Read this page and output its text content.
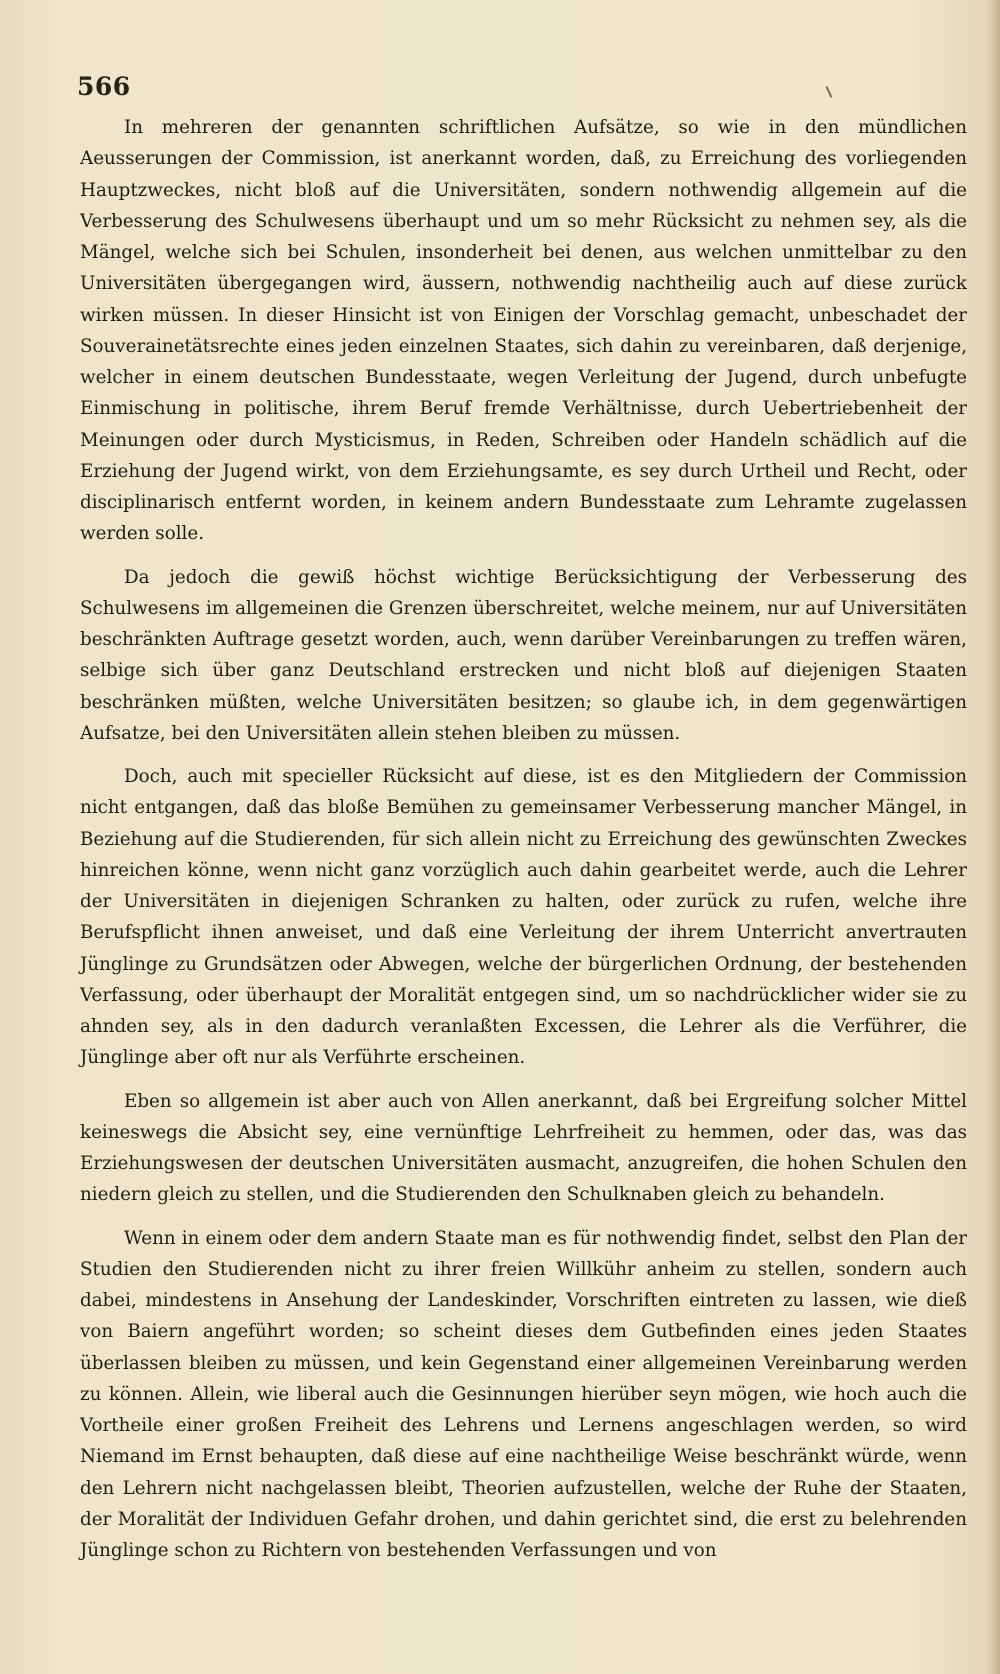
566

In mehreren der genannten schriftlichen Aufsätze, so wie in den mündlichen Aeusserungen der Commission, ist anerkannt worden, daß, zu Erreichung des vorliegenden Hauptzweckes, nicht bloß auf die Universitäten, sondern nothwendig allgemein auf die Verbesserung des Schulwesens überhaupt und um so mehr Rücksicht zu nehmen sey, als die Mängel, welche sich bei Schulen, insonderheit bei denen, aus welchen unmittelbar zu den Universitäten übergegangen wird, äussern, nothwendig nachtheilig auch auf diese zurück wirken müssen. In dieser Hinsicht ist von Einigen der Vorschlag gemacht, unbeschadet der Souverainetätsrechte eines jeden einzelnen Staates, sich dahin zu vereinbaren, daß derjenige, welcher in einem deutschen Bundesstaate, wegen Verleitung der Jugend, durch unbefugte Einmischung in politische, ihrem Beruf fremde Verhältnisse, durch Uebertriebenheit der Meinungen oder durch Mysticismus, in Reden, Schreiben oder Handeln schädlich auf die Erziehung der Jugend wirkt, von dem Erziehungsamte, es sey durch Urtheil und Recht, oder disciplinarisch entfernt worden, in keinem andern Bundesstaate zum Lehramte zugelassen werden solle.

Da jedoch die gewiß höchst wichtige Berücksichtigung der Verbesserung des Schulwesens im allgemeinen die Grenzen überschreitet, welche meinem, nur auf Universitäten beschränkten Auftrage gesetzt worden, auch, wenn darüber Vereinbarungen zu treffen wären, selbige sich über ganz Deutschland erstrecken und nicht bloß auf diejenigen Staaten beschränken müßten, welche Universitäten besitzen; so glaube ich, in dem gegenwärtigen Aufsatze, bei den Universitäten allein stehen bleiben zu müssen.

Doch, auch mit specieller Rücksicht auf diese, ist es den Mitgliedern der Commission nicht entgangen, daß das bloße Bemühen zu gemeinsamer Verbesserung mancher Mängel, in Beziehung auf die Studierenden, für sich allein nicht zu Erreichung des gewünschten Zweckes hinreichen könne, wenn nicht ganz vorzüglich auch dahin gearbeitet werde, auch die Lehrer der Universitäten in diejenigen Schranken zu halten, oder zurück zu rufen, welche ihre Berufspflicht ihnen anweiset, und daß eine Verleitung der ihrem Unterricht anvertrauten Jünglinge zu Grundsätzen oder Abwegen, welche der bürgerlichen Ordnung, der bestehenden Verfassung, oder überhaupt der Moralität entgegen sind, um so nachdrücklicher wider sie zu ahnden sey, als in den dadurch veranlaßten Excessen, die Lehrer als die Verführer, die Jünglinge aber oft nur als Verführte erscheinen.

Eben so allgemein ist aber auch von Allen anerkannt, daß bei Ergreifung solcher Mittel keineswegs die Absicht sey, eine vernünftige Lehrfreiheit zu hemmen, oder das, was das Erziehungswesen der deutschen Universitäten ausmacht, anzugreifen, die hohen Schulen den niedern gleich zu stellen, und die Studierenden den Schulknaben gleich zu behandeln.

Wenn in einem oder dem andern Staate man es für nothwendig findet, selbst den Plan der Studien den Studierenden nicht zu ihrer freien Willkühr anheim zu stellen, sondern auch dabei, mindestens in Ansehung der Landeskinder, Vorschriften eintreten zu lassen, wie dieß von Baiern angeführt worden; so scheint dieses dem Gutbefinden eines jeden Staates überlassen bleiben zu müssen, und kein Gegenstand einer allgemeinen Vereinbarung werden zu können. Allein, wie liberal auch die Gesinnungen hierüber seyn mögen, wie hoch auch die Vortheile einer großen Freiheit des Lehrens und Lernens angeschlagen werden, so wird Niemand im Ernst behaupten, daß diese auf eine nachtheilige Weise beschränkt würde, wenn den Lehrern nicht nachgelassen bleibt, Theorien aufzustellen, welche der Ruhe der Staaten, der Moralität der Individuen Gefahr drohen, und dahin gerichtet sind, die erst zu belehrenden Jünglinge schon zu Richtern von bestehenden Verfassungen und von
